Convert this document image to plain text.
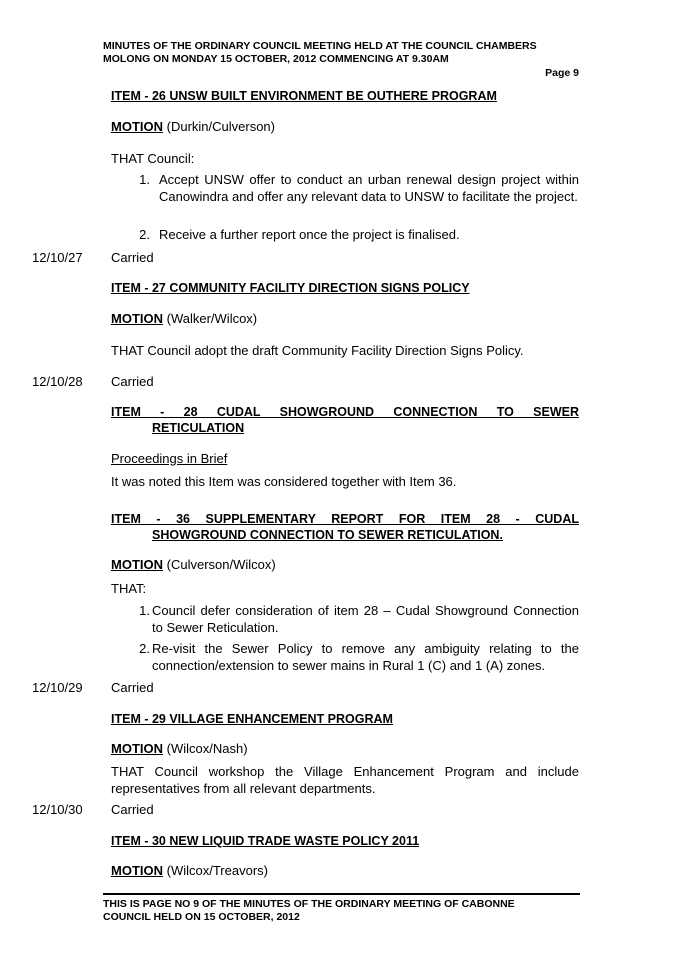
MINUTES OF THE ORDINARY COUNCIL MEETING HELD AT THE COUNCIL CHAMBERS
MOLONG ON MONDAY 15 OCTOBER, 2012 COMMENCING AT 9.30AM
Page 9
ITEM - 26 UNSW BUILT ENVIRONMENT BE OUTHERE PROGRAM
MOTION (Durkin/Culverson)
THAT Council:
1. Accept UNSW offer to conduct an urban renewal design project within Canowindra and offer any relevant data to UNSW to facilitate the project.
2. Receive a further report once the project is finalised.
12/10/27 Carried
ITEM - 27 COMMUNITY FACILITY DIRECTION SIGNS POLICY
MOTION (Walker/Wilcox)
THAT Council adopt the draft Community Facility Direction Signs Policy.
12/10/28 Carried
ITEM - 28 CUDAL SHOWGROUND CONNECTION TO SEWER
RETICULATION
Proceedings in Brief
It was noted this Item was considered together with Item 36.
ITEM - 36 SUPPLEMENTARY REPORT FOR ITEM 28 - CUDAL
SHOWGROUND CONNECTION TO SEWER RETICULATION.
MOTION (Culverson/Wilcox)
THAT:
1. Council defer consideration of item 28 – Cudal Showground Connection to Sewer Reticulation.
2. Re-visit the Sewer Policy to remove any ambiguity relating to the connection/extension to sewer mains in Rural 1 (C) and 1 (A) zones.
12/10/29 Carried
ITEM - 29 VILLAGE ENHANCEMENT PROGRAM
MOTION (Wilcox/Nash)
THAT Council workshop the Village Enhancement Program and include representatives from all relevant departments.
12/10/30 Carried
ITEM - 30 NEW LIQUID TRADE WASTE POLICY 2011
MOTION (Wilcox/Treavors)
THIS IS PAGE NO 9 OF THE MINUTES OF THE ORDINARY MEETING OF CABONNE
COUNCIL HELD ON 15 OCTOBER, 2012
